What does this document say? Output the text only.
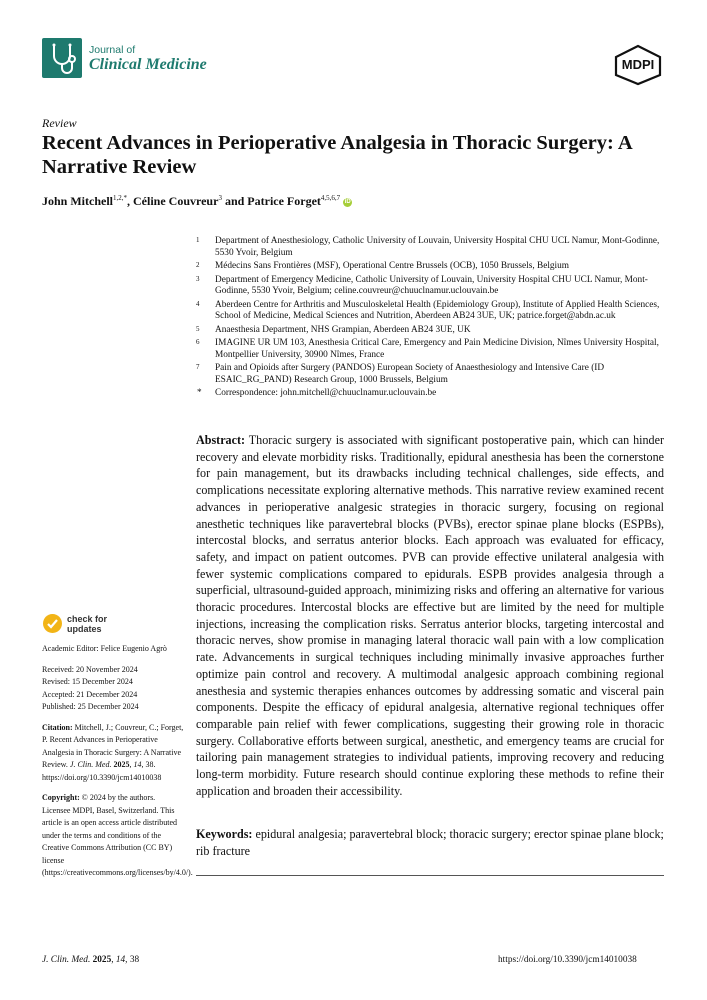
Journal of
Clinical Medicine	MDPI
Review
Recent Advances in Perioperative Analgesia in Thoracic Surgery: A Narrative Review
John Mitchell$^{1,2,*}$, Céline Couvreur$^3$ and Patrice Forget$^{4,5,6,7}$ iD
1 Department of Anesthesiology, Catholic University of Louvain, University Hospital CHU UCL Namur, Mont-Godinne, 5530 Yvoir, Belgium
2 Médecins Sans Frontières (MSF), Operational Centre Brussels (OCB), 1050 Brussels, Belgium
3 Department of Emergency Medicine, Catholic University of Louvain, University Hospital CHU UCL Namur, Mont-Godinne, 5530 Yvoir, Belgium; celine.couvreur@chuuclnamur.uclouvain.be
4 Aberdeen Centre for Arthritis and Musculoskeletal Health (Epidemiology Group), Institute of Applied Health Sciences, School of Medicine, Medical Sciences and Nutrition, Aberdeen AB24 3UE, UK; patrice.forget@abdn.ac.uk
5 Anaesthesia Department, NHS Grampian, Aberdeen AB24 3UE, UK
6 IMAGINE UR UM 103, Anesthesia Critical Care, Emergency and Pain Medicine Division, Nîmes University Hospital, Montpellier University, 30900 Nîmes, France
7 Pain and Opioids after Surgery (PANDOS) European Society of Anaesthesiology and Intensive Care (ID ESAIC_RG_PAND) Research Group, 1000 Brussels, Belgium
* Correspondence: john.mitchell@chuuclnamur.uclouvain.be
Abstract: Thoracic surgery is associated with significant postoperative pain, which can hinder recovery and elevate morbidity risks. Traditionally, epidural anesthesia has been the cornerstone for pain management, but its drawbacks including technical challenges, side effects, and complications necessitate exploring alternative methods. This narrative review examined recent advances in perioperative analgesic strategies in thoracic surgery, focusing on regional anesthetic techniques like paravertebral blocks (PVBs), erector spinae plane blocks (ESPBs), intercostal blocks, and serratus anterior blocks. Each approach was evaluated for efficacy, safety, and impact on patient outcomes. PVB can provide effective unilateral analgesia with fewer systemic complications compared to epidurals. ESPB provides analgesia through a superficial, ultrasound-guided approach, minimizing risks and offering an alternative for various thoracic procedures. Intercostal blocks are effective but are limited by the need for multiple injections, increasing the complication risks. Serratus anterior blocks, targeting intercostal and thoracic nerves, show promise in managing lateral thoracic wall pain with a low complication rate. Advancements in surgical techniques including minimally invasive approaches further optimize pain control and recovery. A multimodal analgesic approach combining regional anesthesia and systemic therapies enhances outcomes by addressing somatic and visceral pain components. Despite the efficacy of epidural analgesia, alternative regional techniques offer comparable pain relief with fewer complications, suggesting their growing role in thoracic surgery. Collaborative efforts between surgical, anesthetic, and emergency teams are crucial for tailoring pain management strategies to individual patients, improving recovery and reducing long-term morbidity. Future research should continue exploring these methods to refine their application and broaden their accessibility.
Keywords: epidural analgesia; paravertebral block; thoracic surgery; erector spinae plane block; rib fracture
check for
updates
Academic Editor: Felice Eugenio Agrò
Received: 20 November 2024
Revised: 15 December 2024
Accepted: 21 December 2024
Published: 25 December 2024
Citation: Mitchell, J.; Couvreur, C.; Forget, P. Recent Advances in Perioperative Analgesia in Thoracic Surgery: A Narrative Review. J. Clin. Med. 2025, 14, 38. https://doi.org/10.3390/jcm14010038
Copyright: © 2024 by the authors. Licensee MDPI, Basel, Switzerland. This article is an open access article distributed under the terms and conditions of the Creative Commons Attribution (CC BY) license (https://creativecommons.org/licenses/by/4.0/).
J. Clin. Med. 2025, 14, 38	https://doi.org/10.3390/jcm14010038
